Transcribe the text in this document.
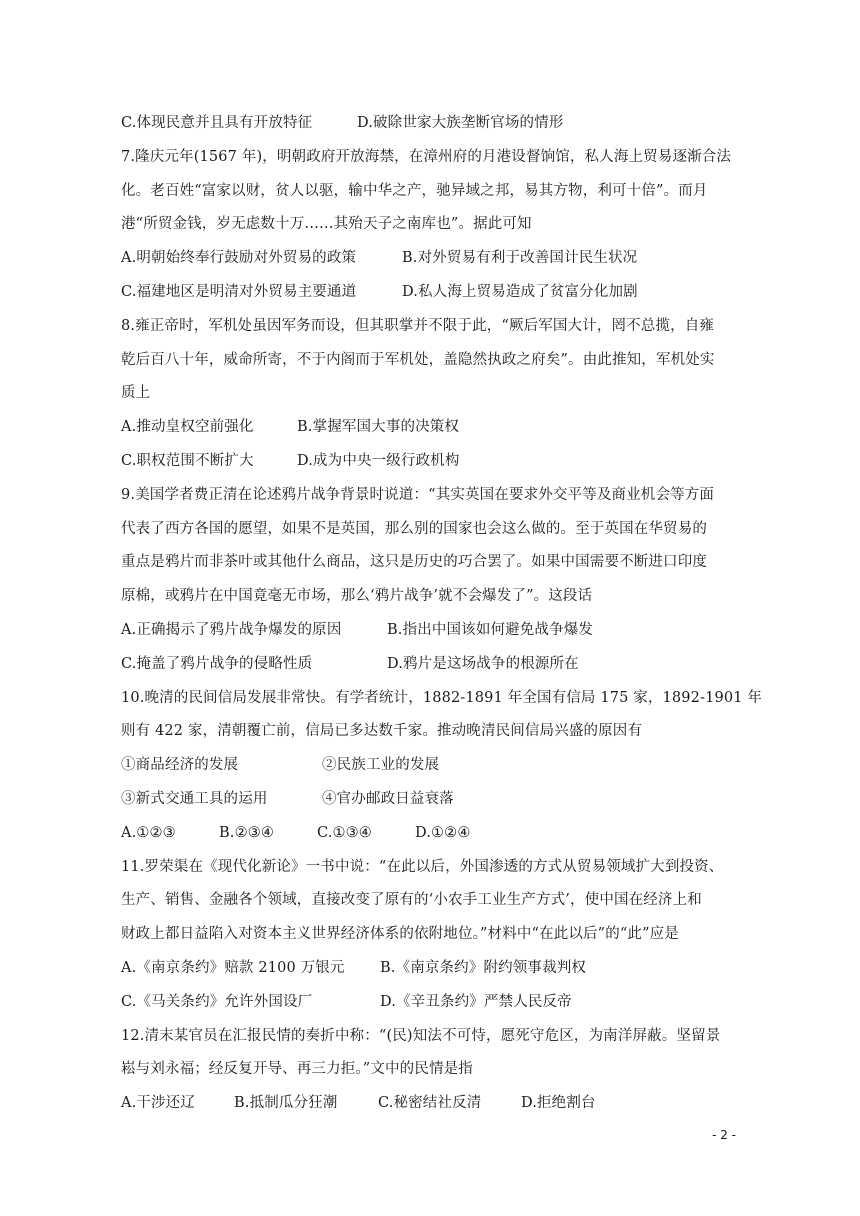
C.体现民意并且具有开放特征	D.破除世家大族垄断官场的情形
7.隆庆元年(1567 年)，明朝政府开放海禁，在漳州府的月港设督饷馆，私人海上贸易逐渐合法
化。老百姓“富家以财，贫人以驱，输中华之产，驰异域之邦，易其方物，利可十倍”。而月
港“所贸金钱，岁无虑数十万……其殆天子之南库也”。据此可知
A.明朝始终奉行鼓励对外贸易的政策	B.对外贸易有利于改善国计民生状况
C.福建地区是明清对外贸易主要通道	D.私人海上贸易造成了贫富分化加剧
8.雍正帝时，军机处虽因军务而设，但其职掌并不限于此，“厥后军国大计，罔不总揽，自雍
乾后百八十年，威命所寄，不于内阁而于军机处，盖隐然执政之府矣”。由此推知，军机处实
质上
A.推动皇权空前强化	B.掌握军国大事的决策权
C.职权范围不断扩大	D.成为中央一级行政机构
9.美国学者费正清在论述鸦片战争背景时说道：“其实英国在要求外交平等及商业机会等方面
代表了西方各国的愿望，如果不是英国，那么别的国家也会这么做的。至于英国在华贸易的
重点是鸦片而非茶叶或其他什么商品，这只是历史的巧合罢了。如果中国需要不断进口印度
原棉，或鸦片在中国竟毫无市场，那么‘鸦片战争’就不会爆发了”。这段话
A.正确揭示了鸦片战争爆发的原因	B.指出中国该如何避免战争爆发
C.掩盖了鸦片战争的侵略性质	D.鸦片是这场战争的根源所在
10.晚清的民间信局发展非常快。有学者统计，1882-1891 年全国有信局 175 家，1892-1901 年
则有 422 家，清朝覆亡前，信局已多达数千家。推动晚清民间信局兴盛的原因有
①商品经济的发展	②民族工业的发展
③新式交通工具的运用	④官办邮政日益衰落
A.①②③	B.②③④	C.①③④	D.①②④
11.罗荣渠在《现代化新论》一书中说：“在此以后，外国渗透的方式从贸易领域扩大到投资、
生产、销售、金融各个领域，直接改变了原有的‘小农手工业生产方式’，使中国在经济上和
财政上都日益陷入对资本主义世界经济体系的依附地位。”材料中“在此以后”的“此”应是
A.《南京条约》赔款 2100 万银元	B.《南京条约》附约领事裁判权
C.《马关条约》允许外国设厂	D.《辛丑条约》严禁人民反帝
12.清末某官员在汇报民情的奏折中称：“(民)知法不可恃，愿死守危区，为南洋屏蔽。坚留景
崧与刘永福；经反复开导、再三力拒。”文中的民情是指
A.干涉还辽	B.抵制瓜分狂潮	C.秘密结社反清	D.拒绝割台
- 2 -
